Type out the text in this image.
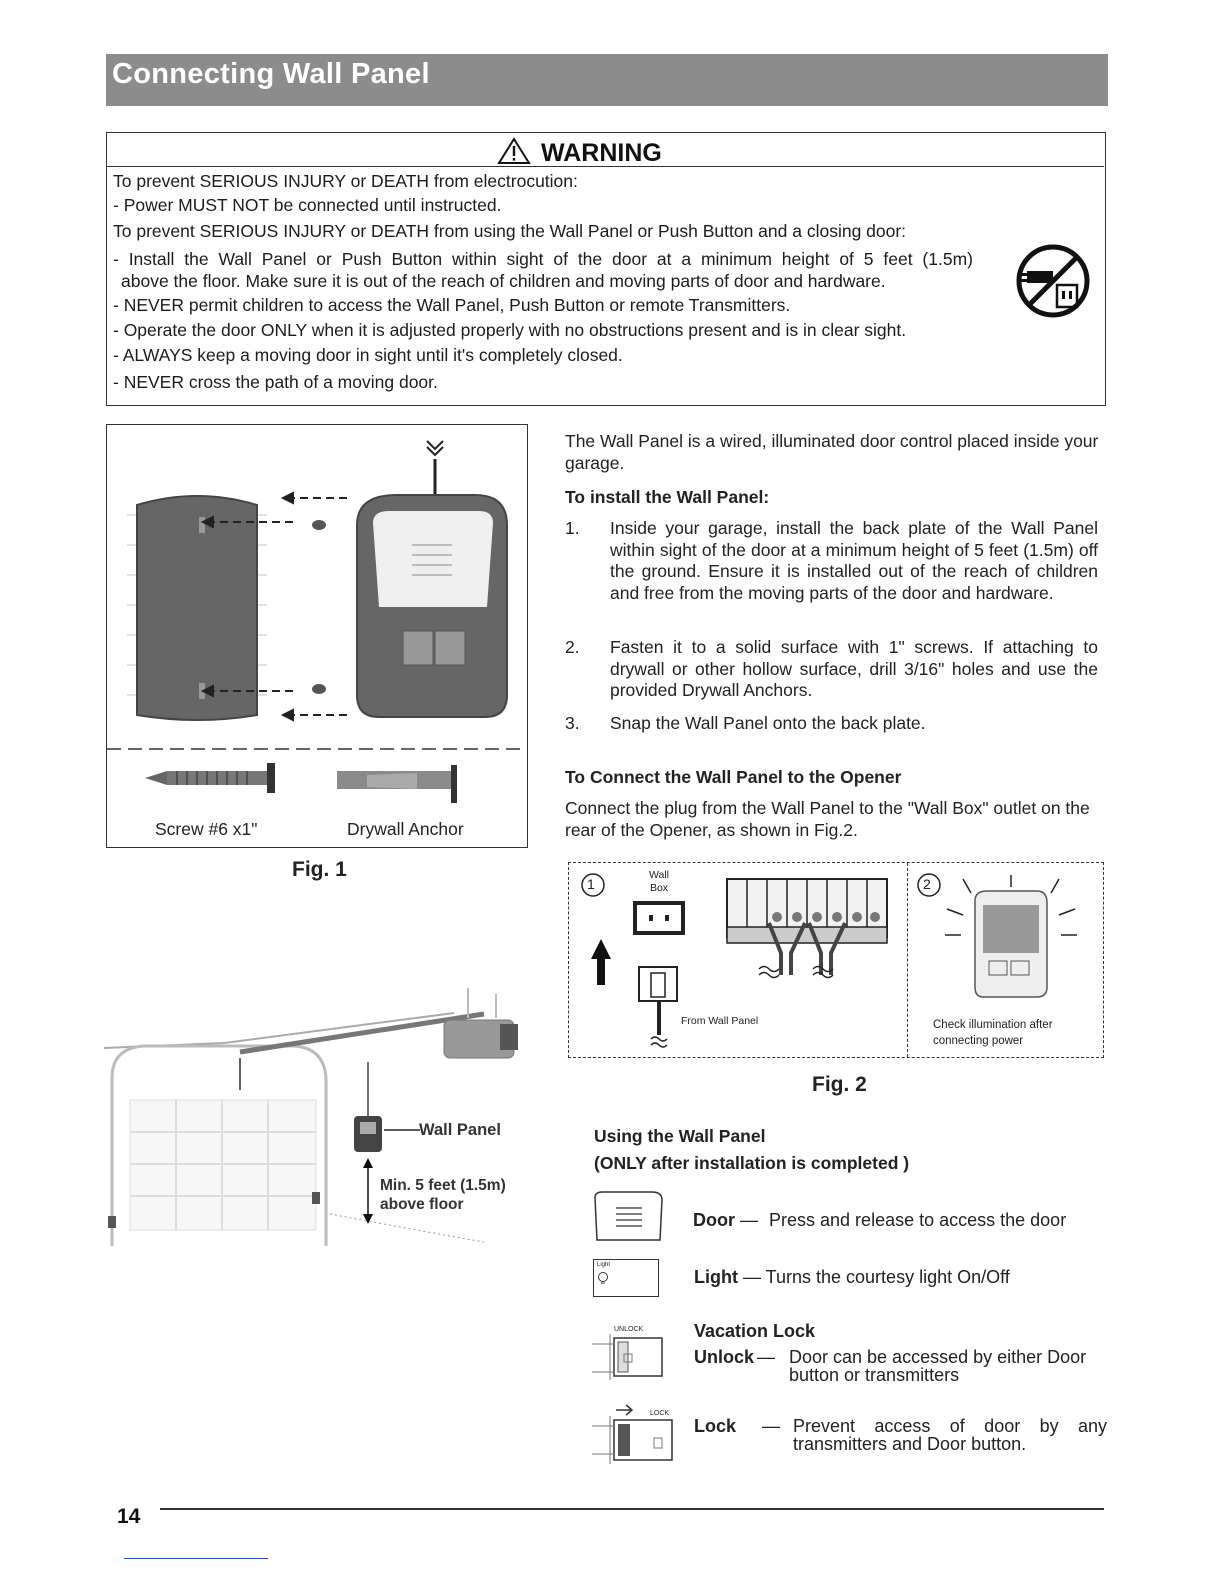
Connecting Wall Panel
WARNING
To prevent SERIOUS INJURY or DEATH from electrocution:
- Power MUST NOT be connected until instructed.
To prevent SERIOUS INJURY or DEATH from using the Wall Panel or Push Button and a closing door:
- Install the Wall Panel or Push Button within sight of the door at a minimum height of 5 feet (1.5m)
above the floor. Make sure it is out of the reach of children and moving parts of door and hardware.
- NEVER permit children to access the Wall Panel, Push Button or remote Transmitters.
- Operate the door ONLY when it is adjusted properly with no obstructions present and is in clear sight.
- ALWAYS keep a moving door in sight until it's completely closed.
- NEVER cross the path of a moving door.
Screw #6 x1"	Drywall Anchor
Fig. 1
The Wall Panel is a wired, illuminated door control placed inside your garage.
To install the Wall Panel:
1. Inside your garage, install the back plate of the Wall Panel within sight of the door at a minimum height of 5 feet (1.5m) off the ground. Ensure it is installed out of the reach of children and free from the moving parts of the door and hardware.
2. Fasten it to a solid surface with 1" screws. If attaching to drywall or other hollow surface, drill 3/16" holes and use the provided Drywall Anchors.
3. Snap the Wall Panel onto the back plate.
To Connect the Wall Panel to the Opener
Connect the plug from the Wall Panel to the "Wall Box" outlet on the rear of the Opener, as shown in Fig.2.
1	2
Wall Box
From Wall Panel	Check illumination after
connecting power
Fig. 2
Wall Panel
Min. 5 feet (1.5m)
above floor
Using the Wall Panel
(ONLY after installation is completed )
Door — Press and release to access the door
Light
Light — Turns the courtesy light On/Off
Vacation Lock
UNLOCK
Unlock — Door can be accessed by either Door button or transmitters
LOCK
Lock — Prevent access of door by any transmitters and Door button.
14
